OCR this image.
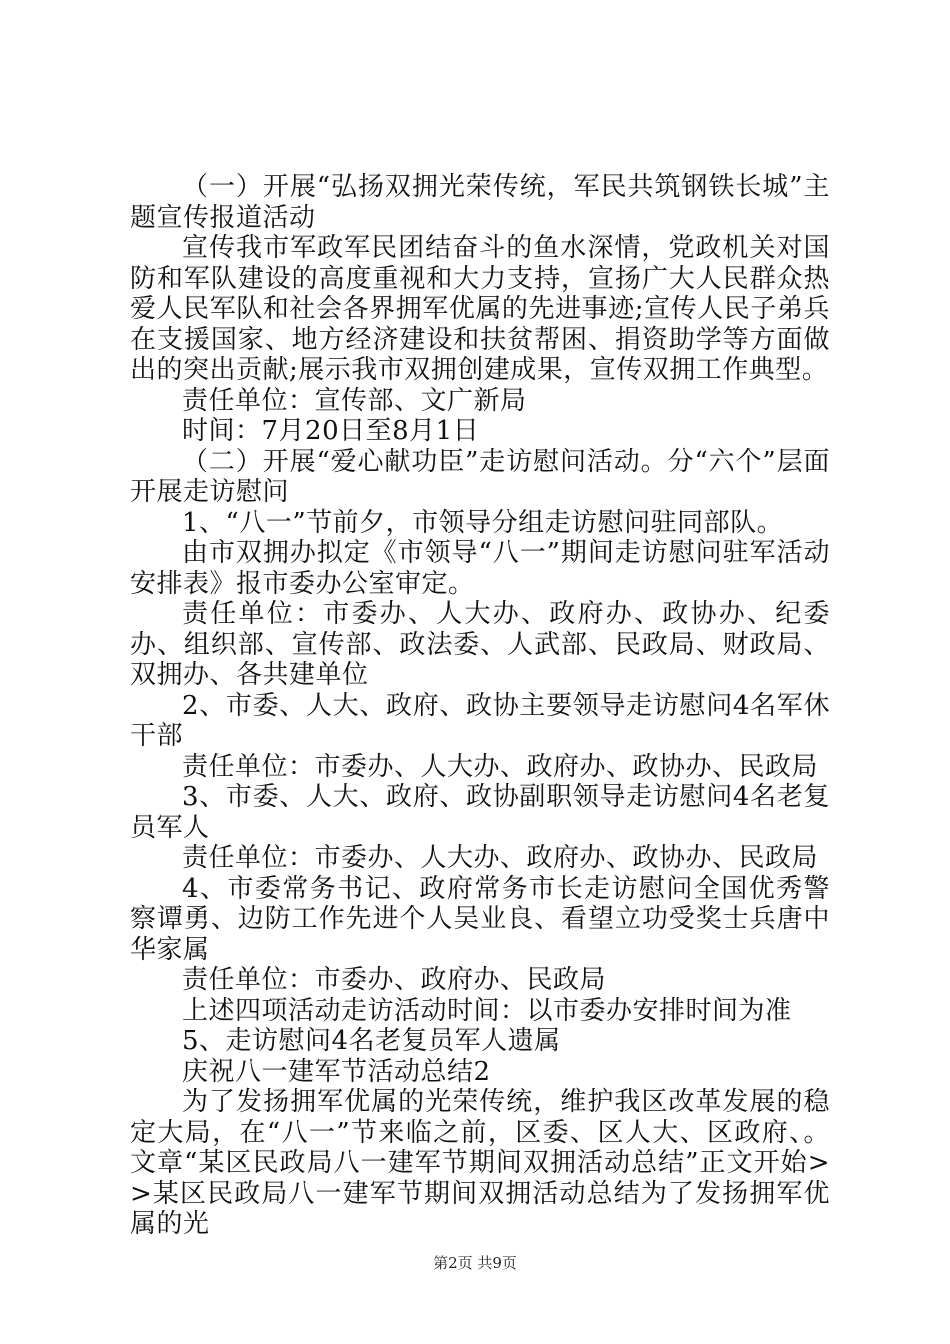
（一）开展“弘扬双拥光荣传统，军民共筑钢铁长城”主题宣传报道活动

宣传我市军政军民团结奋斗的鱼水深情，党政机关对国防和军队建设的高度重视和大力支持，宣扬广大人民群众热爱人民军队和社会各界拥军优属的先进事迹;宣传人民子弟兵在支援国家、地方经济建设和扶贫帮困、捐资助学等方面做出的突出贡献;展示我市双拥创建成果，宣传双拥工作典型。

责任单位：宣传部、文广新局

时间：7月20日至8月1日

（二）开展“爱心献功臣”走访慰问活动。分“六个”层面开展走访慰问

1、“八一”节前夕，市领导分组走访慰问驻同部队。

由市双拥办拟定《市领导“八一”期间走访慰问驻军活动安排表》报市委办公室审定。

责任单位：市委办、人大办、政府办、政协办、纪委办、组织部、宣传部、政法委、人武部、民政局、财政局、双拥办、各共建单位

2、市委、人大、政府、政协主要领导走访慰问4名军休干部

责任单位：市委办、人大办、政府办、政协办、民政局

3、市委、人大、政府、政协副职领导走访慰问4名老复员军人

责任单位：市委办、人大办、政府办、政协办、民政局

4、市委常务书记、政府常务市长走访慰问全国优秀警察谭勇、边防工作先进个人吴业良、看望立功受奖士兵唐中华家属

责任单位：市委办、政府办、民政局

上述四项活动走访活动时间：以市委办安排时间为准

5、走访慰问4名老复员军人遗属

庆祝八一建军节活动总结2

为了发扬拥军优属的光荣传统，维护我区改革发展的稳定大局，在“八一”节来临之前，区委、区人大、区政府、。文章“某区民政局八一建军节期间双拥活动总结”正文开始>>某区民政局八一建军节期间双拥活动总结为了发扬拥军优属的光

第2页 共9页
